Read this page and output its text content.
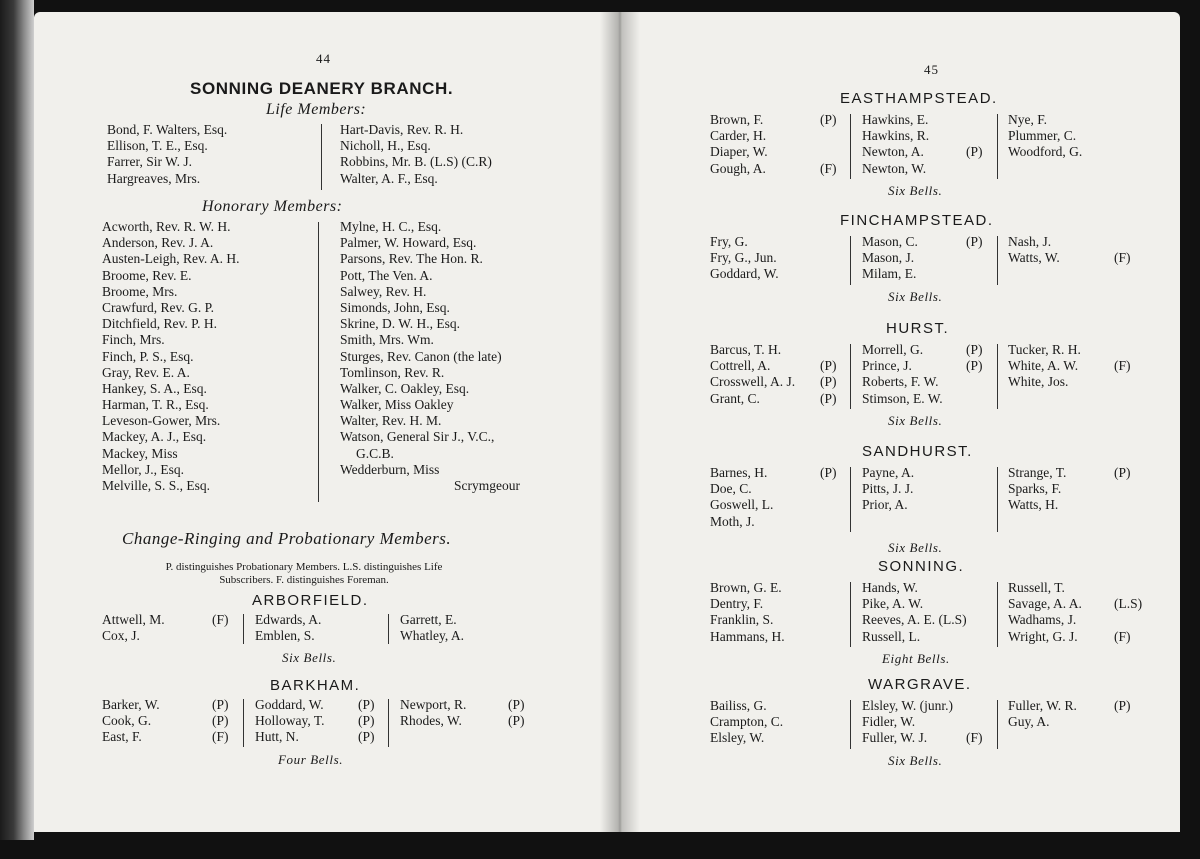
44
SONNING DEANERY BRANCH.
Life Members:
Bond, F. Walters, Esq.
Ellison, T. E., Esq.
Farrer, Sir W. J.
Hargreaves, Mrs.
Hart-Davis, Rev. R. H.
Nicholl, H., Esq.
Robbins, Mr. B. (L.S) (C.R)
Walter, A. F., Esq.
Honorary Members:
Acworth, Rev. R. W. H.
Anderson, Rev. J. A.
Austen-Leigh, Rev. A. H.
Broome, Rev. E.
Broome, Mrs.
Crawfurd, Rev. G. P.
Ditchfield, Rev. P. H.
Finch, Mrs.
Finch, P. S., Esq.
Gray, Rev. E. A.
Hankey, S. A., Esq.
Harman, T. R., Esq.
Leveson-Gower, Mrs.
Mackey, A. J., Esq.
Mackey, Miss
Mellor, J., Esq.
Melville, S. S., Esq.
Mylne, H. C., Esq.
Palmer, W. Howard, Esq.
Parsons, Rev. The Hon. R.
Pott, The Ven. A.
Salwey, Rev. H.
Simonds, John, Esq.
Skrine, D. W. H., Esq.
Smith, Mrs. Wm.
Sturges, Rev. Canon (the late)
Tomlinson, Rev. R.
Walker, C. Oakley, Esq.
Walker, Miss Oakley
Walter, Rev. H. M.
Watson, General Sir J., V.C.,
G.C.B.
Wedderburn, Miss
Scrymgeour
Change-Ringing and Probationary Members.
P. distinguishes Probationary Members. L.S. distinguishes Life
Subscribers. F. distinguishes Foreman.
ARBORFIELD.
Attwell, M.
Cox, J.
(F) Edwards, A.
Emblen, S.
Garrett, E.
Whatley, A.
Six Bells.
BARKHAM.
Barker, W.
Cook, G.
East, F.
(P)
(P)
(F)
Goddard, W.
Holloway, T.
Hutt, N.
(P)
(P)
(P)
Newport, R.
Rhodes, W.
(P)
(P)
Four Bells.
45
EASTHAMPSTEAD.
Brown, F.
Carder, H.
Diaper, W.
Gough, A.
(P)
(F)
Hawkins, E.
Hawkins, R.
Newton, A.
Newton, W.
(P)
Nye, F.
Plummer, C.
Woodford, G.
Six Bells.
FINCHAMPSTEAD.
Fry, G.
Fry, G., Jun.
Goddard, W.
Mason, C.
Mason, J.
Milam, E.
(P) Nash, J.
Watts, W.	(F)
Six Bells.
HURST.
Barcus, T. H.
Cottrell, A.
Crosswell, A. J.
Grant, C.
(P)
(P)
(P)
Morrell, G.
Prince, J.
Roberts, F. W.
Stimson, E. W.
(P)
(P)
Tucker, R. H.
White, A. W.
White, Jos.
(F)
Six Bells.
SANDHURST.
Barnes, H.
Doe, C.
Goswell, L.
Moth, J.
(P) Payne, A.
Pitts, J. J.
Prior, A.
Strange, T.
Sparks, F.
Watts, H.
(P)
Six Bells.
SONNING.
Brown, G. E.
Dentry, F.
Franklin, S.
Hammans, H.
Hands, W.
Pike, A. W.
Reeves, A. E. (L.S)
Russell, L.
Russell, T.
Savage, A. A.
Wadhams, J.
Wright, G. J.
(L.S)
(F)
Eight Bells.
WARGRAVE.
Bailiss, G.
Crampton, C.
Elsley, W.
Elsley, W. (junr.)
Fidler, W.
Fuller, W. J.	(F)
Fuller, W. R.
Guy, A.
(P)
Six Bells.
